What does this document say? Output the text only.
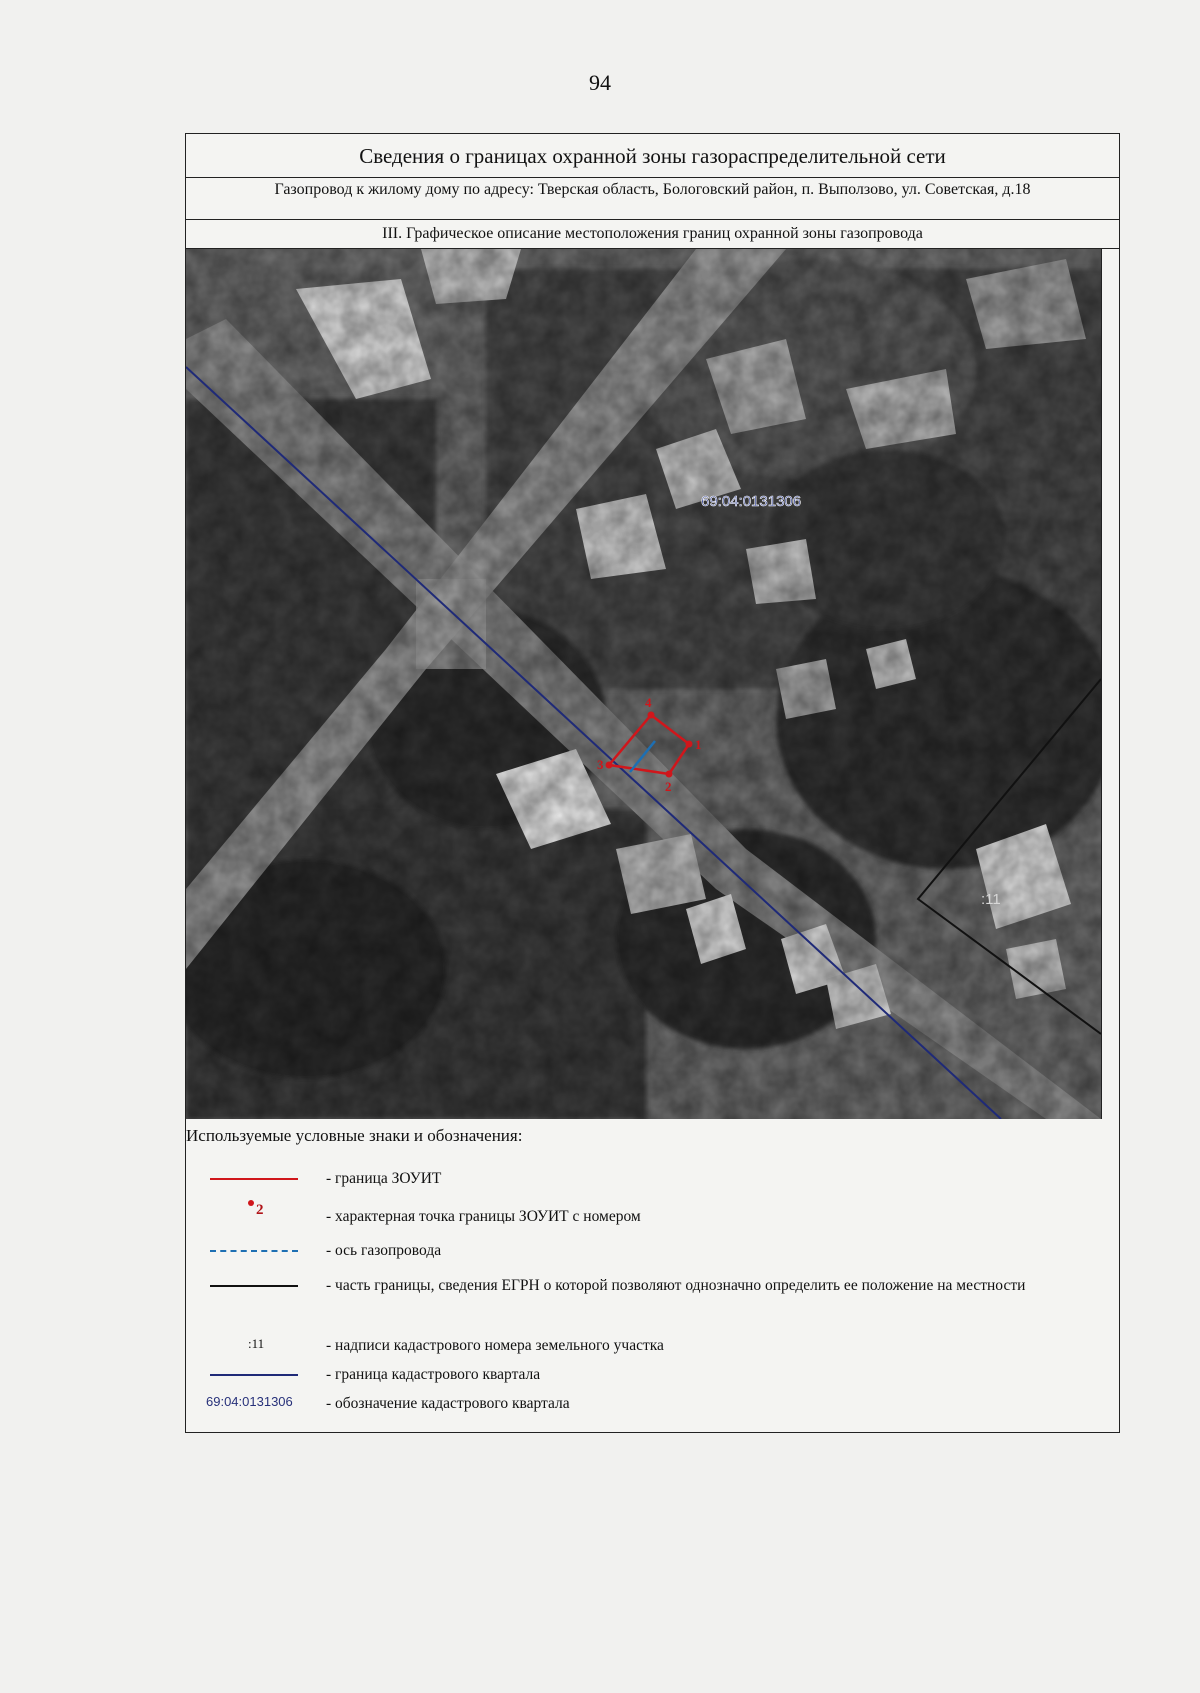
94
Сведения о границах охранной зоны газораспределительной сети
Газопровод к жилому дому по адресу: Тверская область, Бологовский район, п. Выползово, ул. Советская, д.18
III. Графическое описание местоположения границ охранной зоны газопровода
69:04:0131306
:11
4
1
2
3
Используемые условные знаки и обозначения:
- граница ЗОУИТ
2	- характерная точка границы ЗОУИТ с номером
- ось газопровода
- часть границы, сведения ЕГРН о которой позволяют однозначно определить ее положение на местности
:11	- надписи кадастрового номера земельного участка
- граница кадастрового квартала
69:04:0131306 - обозначение кадастрового квартала
